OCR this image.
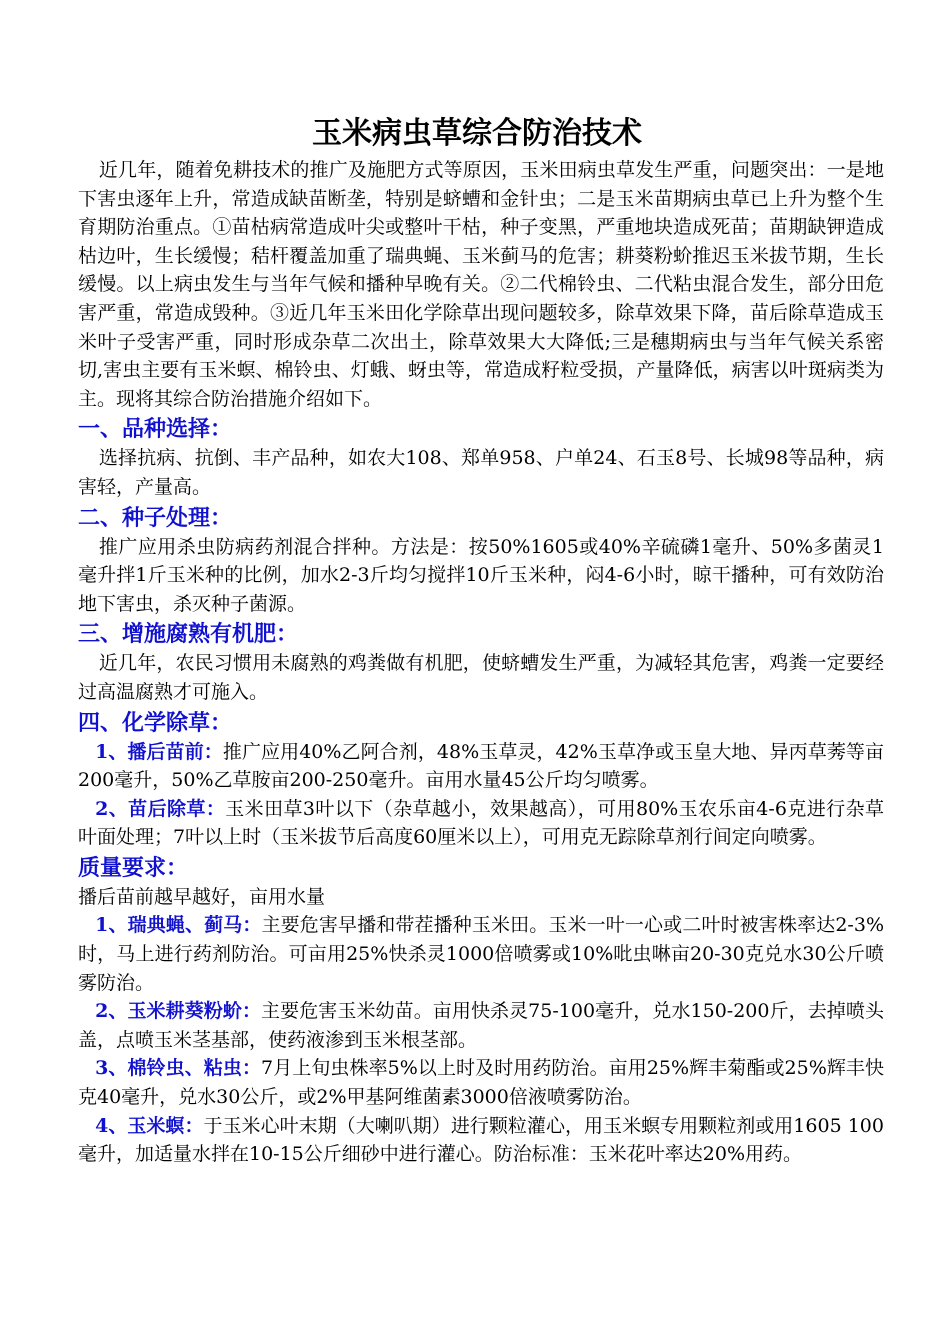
玉米病虫草综合防治技术

近几年，随着免耕技术的推广及施肥方式等原因，玉米田病虫草发生严重，问题突出：一是地下害虫逐年上升，常造成缺苗断垄，特别是蛴螬和金针虫；二是玉米苗期病虫草已上升为整个生育期防治重点。①苗枯病常造成叶尖或整叶干枯，种子变黑，严重地块造成死苗；苗期缺钾造成枯边叶，生长缓慢；秸杆覆盖加重了瑞典蝇、玉米蓟马的危害；耕葵粉蚧推迟玉米拔节期，生长缓慢。以上病虫发生与当年气候和播种早晚有关。②二代棉铃虫、二代粘虫混合发生，部分田危害严重，常造成毁种。③近几年玉米田化学除草出现问题较多，除草效果下降，苗后除草造成玉米叶子受害严重，同时形成杂草二次出土，除草效果大大降低;三是穗期病虫与当年气候关系密切,害虫主要有玉米螟、棉铃虫、灯蛾、蚜虫等，常造成籽粒受损，产量降低，病害以叶斑病类为主。现将其综合防治措施介绍如下。

一、品种选择：

选择抗病、抗倒、丰产品种，如农大108、郑单958、户单24、石玉8号、长城98等品种，病害轻，产量高。

二、种子处理：

推广应用杀虫防病药剂混合拌种。方法是：按50%1605或40%辛硫磷1毫升、50%多菌灵1毫升拌1斤玉米种的比例，加水2-3斤均匀搅拌10斤玉米种，闷4-6小时，晾干播种，可有效防治地下害虫，杀灭种子菌源。

三、增施腐熟有机肥：

近几年，农民习惯用未腐熟的鸡粪做有机肥，使蛴螬发生严重，为减轻其危害，鸡粪一定要经过高温腐熟才可施入。

四、化学除草：

1、播后苗前：推广应用40%乙阿合剂，48%玉草灵，42%玉草净或玉皇大地、异丙草莠等亩200毫升，50%乙草胺亩200-250毫升。亩用水量45公斤均匀喷雾。

2、苗后除草：玉米田草3叶以下（杂草越小，效果越高），可用80%玉农乐亩4-6克进行杂草叶面处理；7叶以上时（玉米拔节后高度60厘米以上），可用克无踪除草剂行间定向喷雾。

质量要求：

播后苗前越早越好，亩用水量

1、瑞典蝇、蓟马：主要危害早播和带茬播种玉米田。玉米一叶一心或二叶时被害株率达2-3%时，马上进行药剂防治。可亩用25%快杀灵1000倍喷雾或10%吡虫啉亩20-30克兑水30公斤喷雾防治。

2、玉米耕葵粉蚧：主要危害玉米幼苗。亩用快杀灵75-100毫升，兑水150-200斤，去掉喷头盖，点喷玉米茎基部，使药液渗到玉米根茎部。

3、棉铃虫、粘虫：7月上旬虫株率5%以上时及时用药防治。亩用25%辉丰菊酯或25%辉丰快克40毫升，兑水30公斤，或2%甲基阿维菌素3000倍液喷雾防治。

4、玉米螟：于玉米心叶末期（大喇叭期）进行颗粒灌心，用玉米螟专用颗粒剂或用1605 100毫升，加适量水拌在10-15公斤细砂中进行灌心。防治标准：玉米花叶率达20%用药。
